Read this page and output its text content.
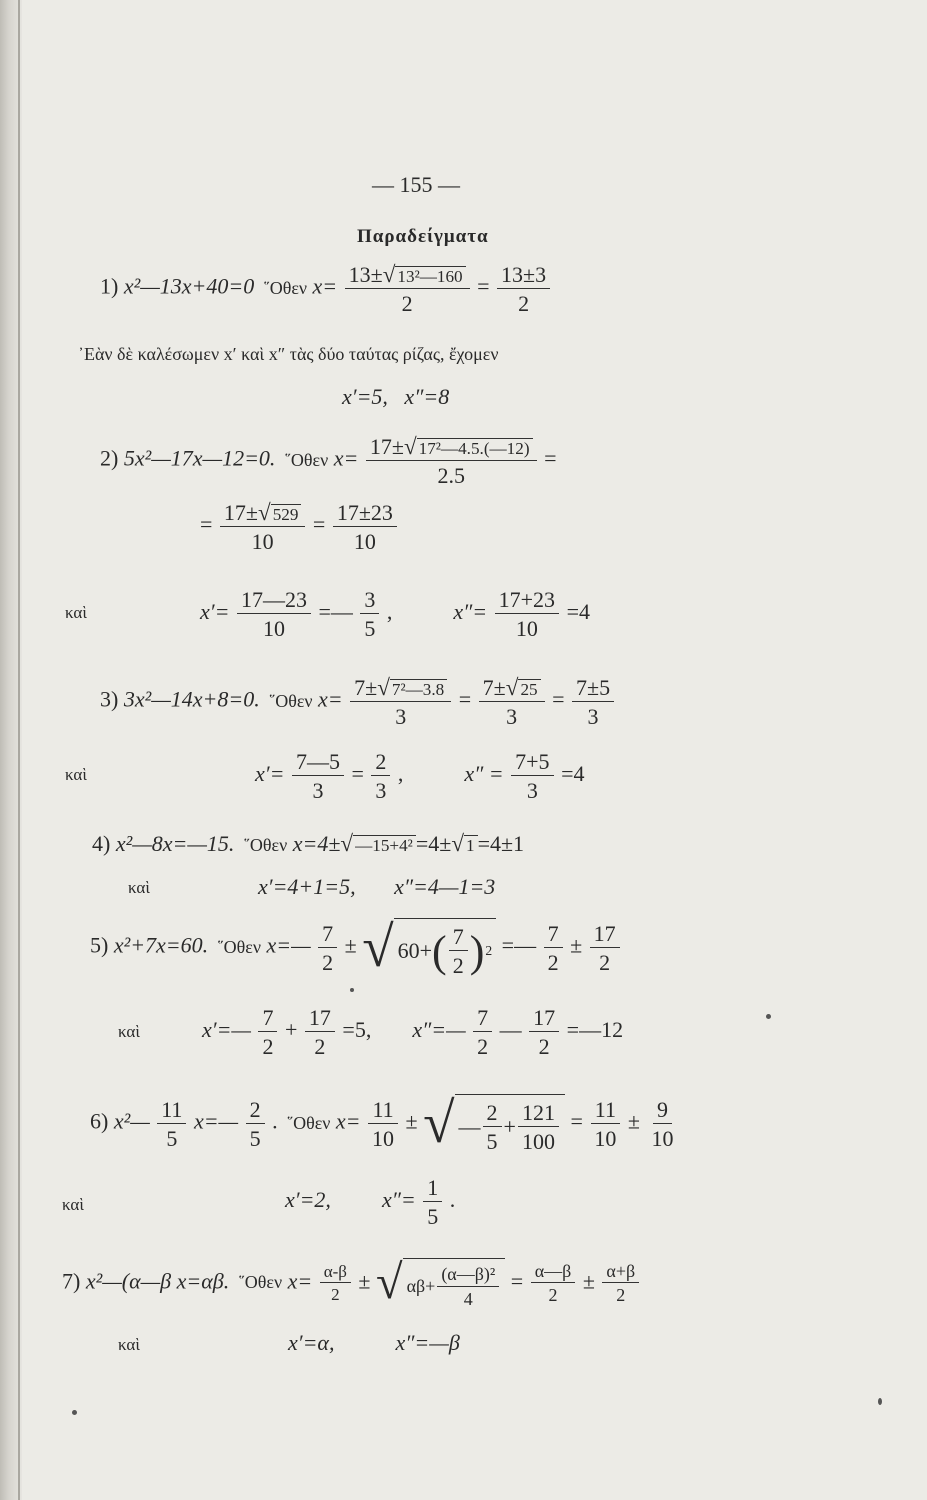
— 155 —
Παραδείγματα
1) x²—13x+40=0 ῞Οθεν $x= \frac{\text{13±√ 13²—160}}{2} = \frac{13\pm 3}{2}$
᾿Εὰν δὲ καλέσωμεν x′ καὶ x″ τὰς δύο ταύτας ρίζας, ἔχομεν
x′=5,   x″=8
2) 5x²—17x—12=0. ῞Οθεν $x= \frac{\text{17±√ 17²—4.5.(—12)}}{2.5}$ =
= $\frac{17\pm√ 529}{10} = \frac{17\pm 23}{10}$
καὶ	$x'= \frac{17—23}{10}$ =— $\frac{3}{5}$ ,	$x''= \frac{17+23}{10} =4$
3) 3x²—14x+8=0. ῞Οθεν $x= \frac{\text{7±√ 7²—3.8}}{3} = \frac{7\pm√ 25}{3} = \frac{7\pm 5}{3}$
καὶ	$x'= \frac{7—5}{3} = \frac{2}{3}$ ,	$x'' = \frac{7+5}{3} =4$
4) x²—8x=—15. ῞Οθεν x=4±√ —15+4² =4±√ 1 =4±1
καὶ	x′=4+1=5,       x″=4—1=3
5) x²+7x=60. ῞Οθεν x=— $\frac{7}{2}$ ± √ 60+ ( $\frac{7}{2}$ ) 2 =— $\frac{7}{2} \pm \frac{17}{2}$
καὶ	x′=— $\frac{7}{2} + \frac{17}{2} =5$, x″=— $\frac{7}{2}$ — $\frac{17}{2}$ =—12
6) x²— $\frac{11}{5}$ x=— $\frac{2}{5}$ . ῞Οθεν $x= \frac{11}{10}$ ± √ — $\frac{2}{5} + \frac{121}{100} = \frac{11}{10} \pm \frac{9}{10}$
καὶ	x′=2, $x''= \frac{1}{5}$ .
7) x²—(α—β x=αβ. ῞Οθεν $x= \frac{\alpha-\beta}{2}$ ± √ $\alpha\beta+ \frac{\text{(α—β)²}}{4} = \frac{\alpha—\beta}{2} \pm \frac{\alpha+\beta}{2}$
καὶ	x′=α,	x″=—β
